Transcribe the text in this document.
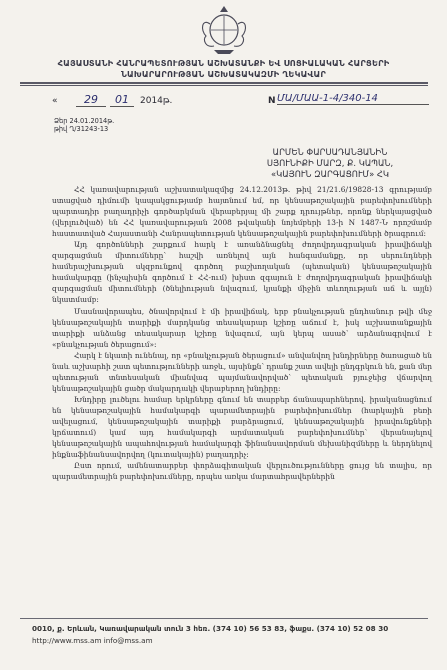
ՀԱՅԱՍՏԱՆԻ ՀԱՆՐԱՊԵՏՈՒԹՅԱՆ ԱՇԽԱՏԱՆՔԻ ԵՎ ՍՈՑԻԱԼԱԿԱՆ ՀԱՐՑԵՐԻ
ՆԱԽԱՐԱՐՈՒԹՅԱՆ ԱՇԽԱՏԱԿԱԶՄԻ ՂԵԿԱՎԱՐ
«	29	01	2014թ.	N ՄԱ/ՄԱԱ-1-4/340-14
Ձեր 24.01.2014թ.
թիվ Ղ/31243-13
ԱՐՄԵՆ ՓԱՐՍԱԴԱՆՅԱՆԻՆ
ՍՅՈՒՆԻՔԻ ՄԱՐԶ, Ք. ԿԱՊԱՆ,
«ԿԱՅՈՒՆ ԶԱՐԳԱՑՈՒՄ» ՀԿ

ՀՀ կառավարության աշխատակազմից 24.12.2013թ. թիվ 21/21.6/19828-13 գրությամբ ստացված դիմումի կապակցությամբ հայտնում եմ, որ կենսաթոշակային բարեփոխումների պարտադիր բաղադրիչի գործարկման վերաբերյալ մի շարք դրույթներ, որոնք ներկայացված (վերլուծված) են ՀՀ կառավարության 2008 թվականի նոյեմբերի 13-ի N 1487-Ն որոշմամբ հաստատված Հայաստանի Հանրապետության կենսաթոշակային բարեփոխումների ծրագրում:

Այդ գործոնների շարքում հարկ է առանձնացնել ժողովրդագրական իրավիճակի զարգացման միտումները՝ հաշվի առնելով այն հանգամանքը, որ սերունդների համերաշխության սկզբունքով գործող բաշխողական (պետական) կենսաթոշակային համակարգը (ինչպիսին գործում է ՀՀ-ում) խիստ զգայուն է ժողովրդագրական իրավիճակի զարգացման միտումների (ծնելիության նվազում, կյանքի միջին տևողության աճ և այլն) նկատմամբ:

Մասնավորապես, ծնավորվում է մի իրավիճակ, երբ բնակչության ընդհանուր թվի մեջ կենսաթոշակային տարիքի մարդկանց տեսակարար կշիռը աճում է, իսկ աշխատանքային տարիքի անձանց տեսակարար կշիռը նվազում, այն կերպ ասած՝ արձանագրվում է «բնակչության ծերացում»:

Հարկ է նկատի ունենալ, որ «բնակչության ծերացում» անվանվող խնդիրները ծառացած են նաև աշխարհի շատ պետությունների առջև, այսինքն՝ դրանք շատ ավելի ընդգրկուն են, քան մեր պետության տնտեսական միանվագ պայմանավորված՝ պետական բյուջեից վճարվող կենսաթոշակային ցածր մակարդակի վերաբերող խնդիրը:

Խնդիրը լուծելու համար երկրները գնում են տարբեր ճանապարհներով. իրականացնում են կենսաթոշակային համակարգի պարամետրային բարեփոխումներ (հարկային բեռի ավելացում, կենսաթոշակային տարիքի բարձրացում, կենսաթոշակային իրավունքների կրճատում) կամ այդ համակարգի արմատական բարեփոխումներ՝ վերանայելով կենսաթոշակային ապահովության համակարգի ֆինանսավորման մեխանիզմները և ներդնելով ինքնաֆինանսավորվող (կուտակային) բաղադրիչ:

Ըստ որում, ամենատարբեր փորձագիտական վերլուծությունները ցույց են տալիս, որ պարամետրային բարեփոխումները, որպես առկա մարտահրավերներին

0010, ք. Երևան, Կառավարական տուն 3 հեռ. (374 10) 56 53 83, ֆաքս. (374 10) 52 08 30
http://www.mss.am info@mss.am
